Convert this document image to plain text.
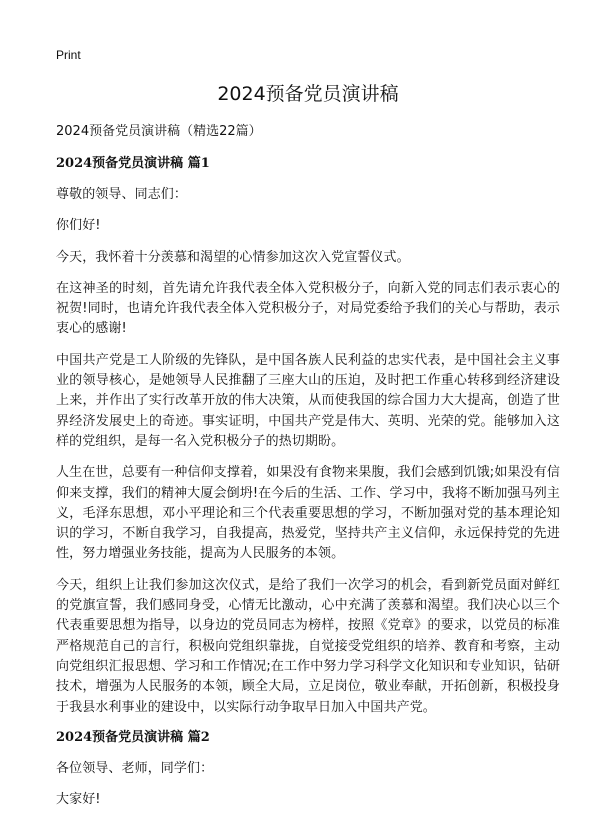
Print
2024预备党员演讲稿

2024预备党员演讲稿（精选22篇）

2024预备党员演讲稿 篇1

尊敬的领导、同志们：

你们好!

今天，我怀着十分羡慕和渴望的心情参加这次入党宣誓仪式。

在这神圣的时刻，首先请允许我代表全体入党积极分子，向新入党的同志们表示衷心的祝贺!同时，也请允许我代表全体入党积极分子，对局党委给予我们的关心与帮助，表示衷心的感谢!

中国共产党是工人阶级的先锋队，是中国各族人民利益的忠实代表，是中国社会主义事业的领导核心，是她领导人民推翻了三座大山的压迫，及时把工作重心转移到经济建设上来，并作出了实行改革开放的伟大决策，从而使我国的综合国力大大提高，创造了世界经济发展史上的奇迹。事实证明，中国共产党是伟大、英明、光荣的党。能够加入这样的党组织，是每一名入党积极分子的热切期盼。

人生在世，总要有一种信仰支撑着，如果没有食物来果腹，我们会感到饥饿;如果没有信仰来支撑，我们的精神大厦会倒坍!在今后的生活、工作、学习中，我将不断加强马列主义，毛泽东思想，邓小平理论和三个代表重要思想的学习，不断加强对党的基本理论知识的学习，不断自我学习，自我提高，热爱党，坚持共产主义信仰，永远保持党的先进性，努力增强业务技能，提高为人民服务的本领。

今天，组织上让我们参加这次仪式，是给了我们一次学习的机会，看到新党员面对鲜红的党旗宣誓，我们感同身受，心情无比激动，心中充满了羡慕和渴望。我们决心以三个代表重要思想为指导，以身边的党员同志为榜样，按照《党章》的要求，以党员的标准严格规范自己的言行，积极向党组织靠拢，自觉接受党组织的培养、教育和考察，主动向党组织汇报思想、学习和工作情况;在工作中努力学习科学文化知识和专业知识，钻研技术，增强为人民服务的本领，顾全大局，立足岗位，敬业奉献，开拓创新，积极投身于我县水利事业的建设中，以实际行动争取早日加入中国共产党。

2024预备党员演讲稿 篇2

各位领导、老师，同学们：

大家好!
